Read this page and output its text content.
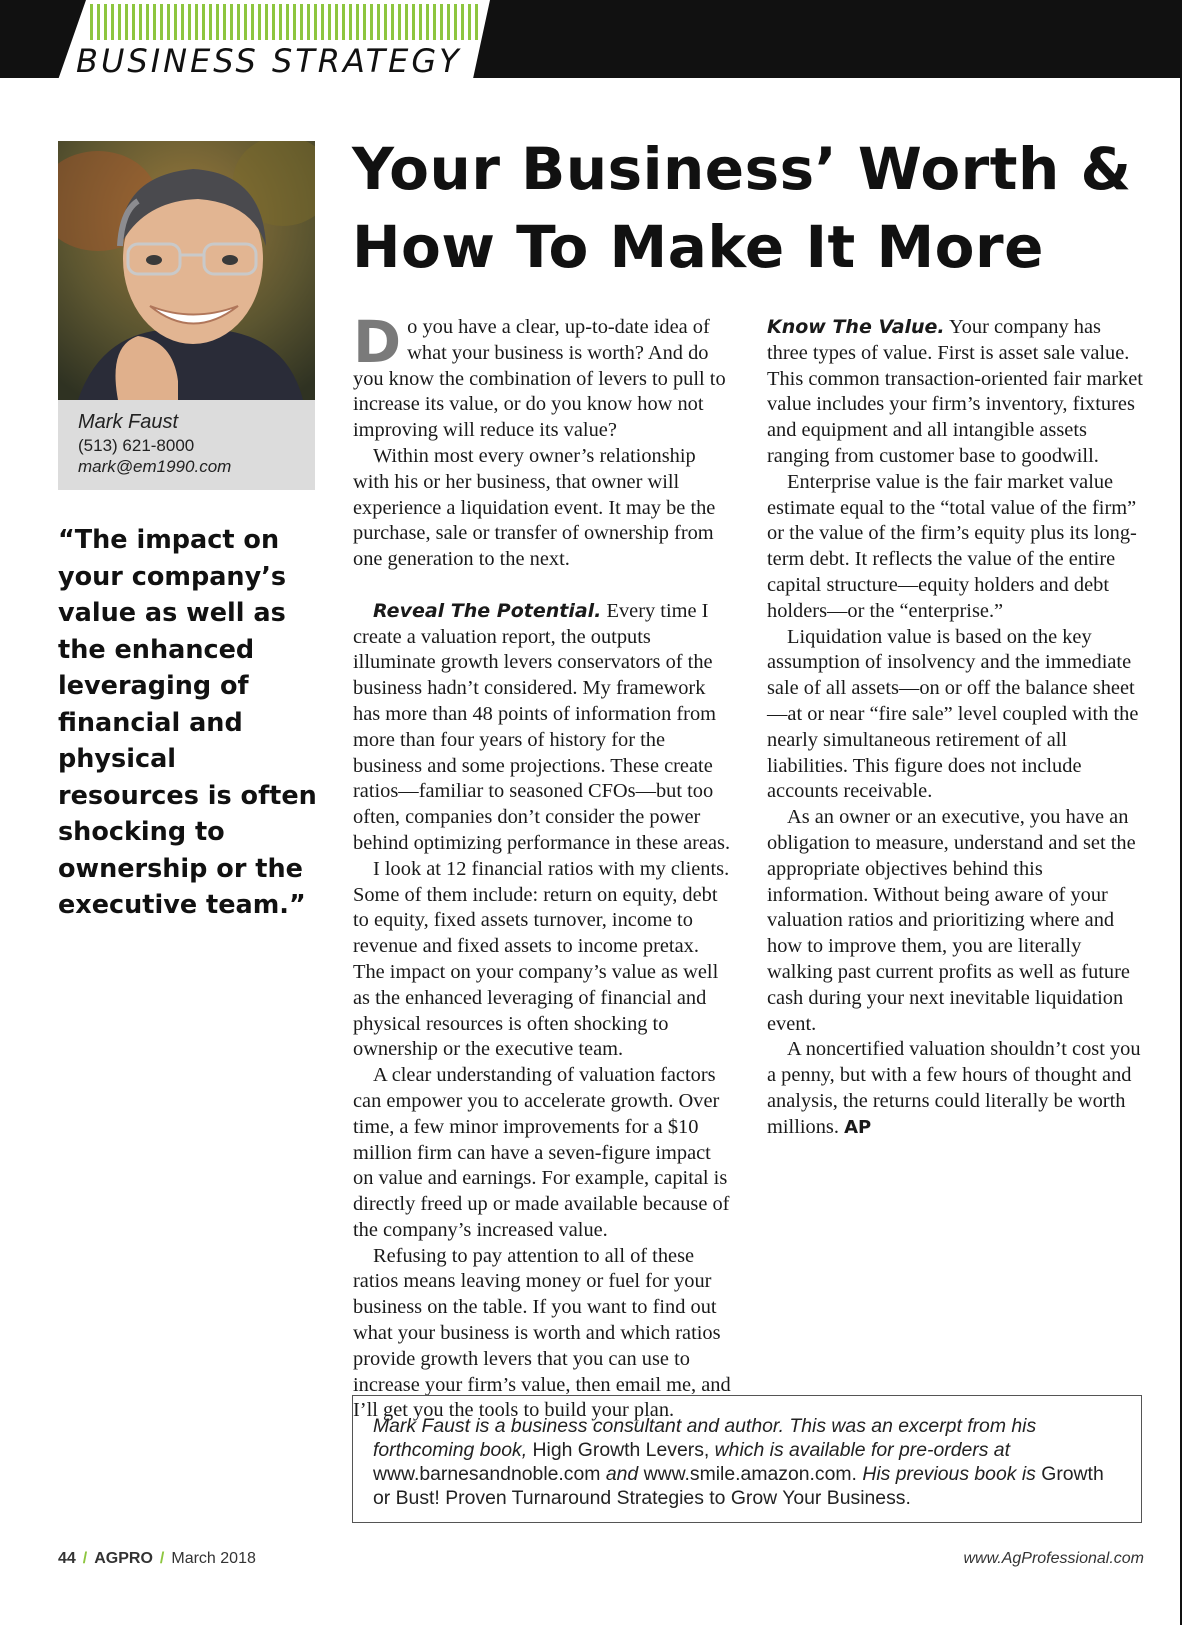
BUSINESS STRATEGY
Mark Faust
(513) 621-8000
mark@em1990.com
“The impact on your company’s value as well as the enhanced leveraging of financial and physical resources is often shocking to ownership or the executive team.”
Your Business’ Worth &
How To Make It More

Do you have a clear, up-to-date idea of what your business is worth? And do you know the combination of levers to pull to increase its value, or do you know how not improving will reduce its value?

Within most every owner’s relationship with his or her business, that owner will experience a liquidation event. It may be the purchase, sale or transfer of ownership from one generation to the next.

Reveal The Potential. Every time I create a valuation report, the outputs illuminate growth levers conservators of the business hadn’t considered. My framework has more than 48 points of information from more than four years of history for the business and some projections. These create ratios—familiar to seasoned CFOs—but too often, companies don’t consider the power behind optimizing performance in these areas.

I look at 12 financial ratios with my clients. Some of them include: return on equity, debt to equity, fixed assets turnover, income to revenue and fixed assets to income pretax. The impact on your company’s value as well as the enhanced leveraging of financial and physical resources is often shocking to ownership or the executive team.

A clear understanding of valuation factors can empower you to accelerate growth. Over time, a few minor improvements for a $10 million firm can have a seven-figure impact on value and earnings. For example, capital is directly freed up or made available because of the company’s increased value.

Refusing to pay attention to all of these ratios means leaving money or fuel for your business on the table. If you want to find out what your business is worth and which ratios provide growth levers that you can use to increase your firm’s value, then email me, and I’ll get you the tools to build your plan.

Know The Value. Your company has three types of value. First is asset sale value. This common transaction-oriented fair market value includes your firm’s inventory, fixtures and equipment and all intangible assets ranging from customer base to goodwill.

Enterprise value is the fair market value estimate equal to the “total value of the firm” or the value of the firm’s equity plus its long-term debt. It reflects the value of the entire capital structure—equity holders and debt holders—or the “enterprise.”

Liquidation value is based on the key assumption of insolvency and the immediate sale of all assets—on or off the balance sheet—at or near “fire sale” level coupled with the nearly simultaneous retirement of all liabilities. This figure does not include accounts receivable.

As an owner or an executive, you have an obligation to measure, understand and set the appropriate objectives behind this information. Without being aware of your valuation ratios and prioritizing where and how to improve them, you are literally walking past current profits as well as future cash during your next inevitable liquidation event.

A noncertified valuation shouldn’t cost you a penny, but with a few hours of thought and analysis, the returns could literally be worth millions. AP

Mark Faust is a business consultant and author. This was an excerpt from his forthcoming book, High Growth Levers, which is available for pre-orders at www.barnesandnoble.com and www.smile.amazon.com. His previous book is Growth or Bust! Proven Turnaround Strategies to Grow Your Business.
44 / AGPRO / March 2018	www.AgProfessional.com
